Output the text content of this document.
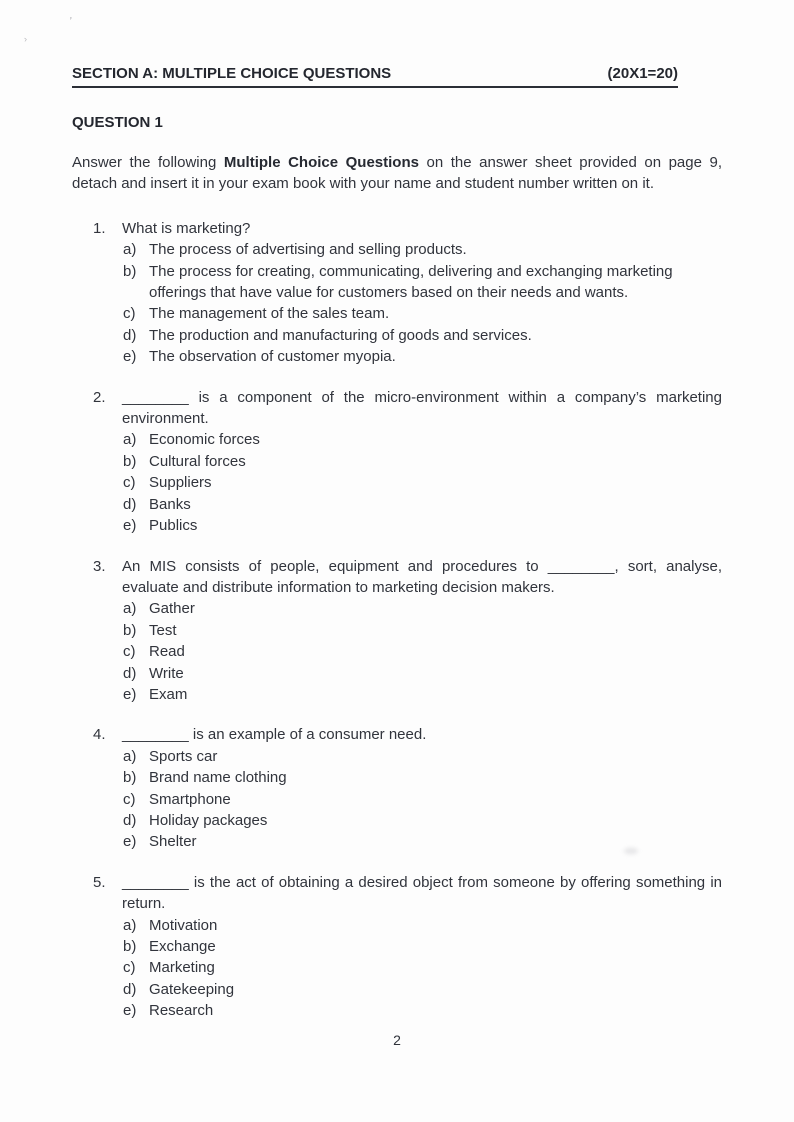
’
›
SECTION A: MULTIPLE CHOICE QUESTIONS	(20X1=20)
QUESTION 1

Answer the following Multiple Choice Questions on the answer sheet provided on page 9, detach and insert it in your exam book with your name and student number written on it.

1.	What is marketing?

a) The process of advertising and selling products.
b) The process for creating, communicating, delivering and exchanging marketing offerings that have value for customers based on their needs and wants.
c) The management of the sales team.
d) The production and manufacturing of goods and services.
e) The observation of customer myopia.
2.	________ is a component of the micro-environment within a company’s marketing environment.

a) Economic forces
b) Cultural forces
c) Suppliers
d) Banks
e) Publics
3.	An MIS consists of people, equipment and procedures to ________, sort, analyse, evaluate and distribute information to marketing decision makers.

a) Gather
b) Test
c) Read
d) Write
e) Exam
4.	________ is an example of a consumer need.

a) Sports car
b) Brand name clothing
c) Smartphone
d) Holiday packages
e) Shelter
5.	________ is the act of obtaining a desired object from someone by offering something in return.

a) Motivation
b) Exchange
c) Marketing
d) Gatekeeping
e) Research
2
